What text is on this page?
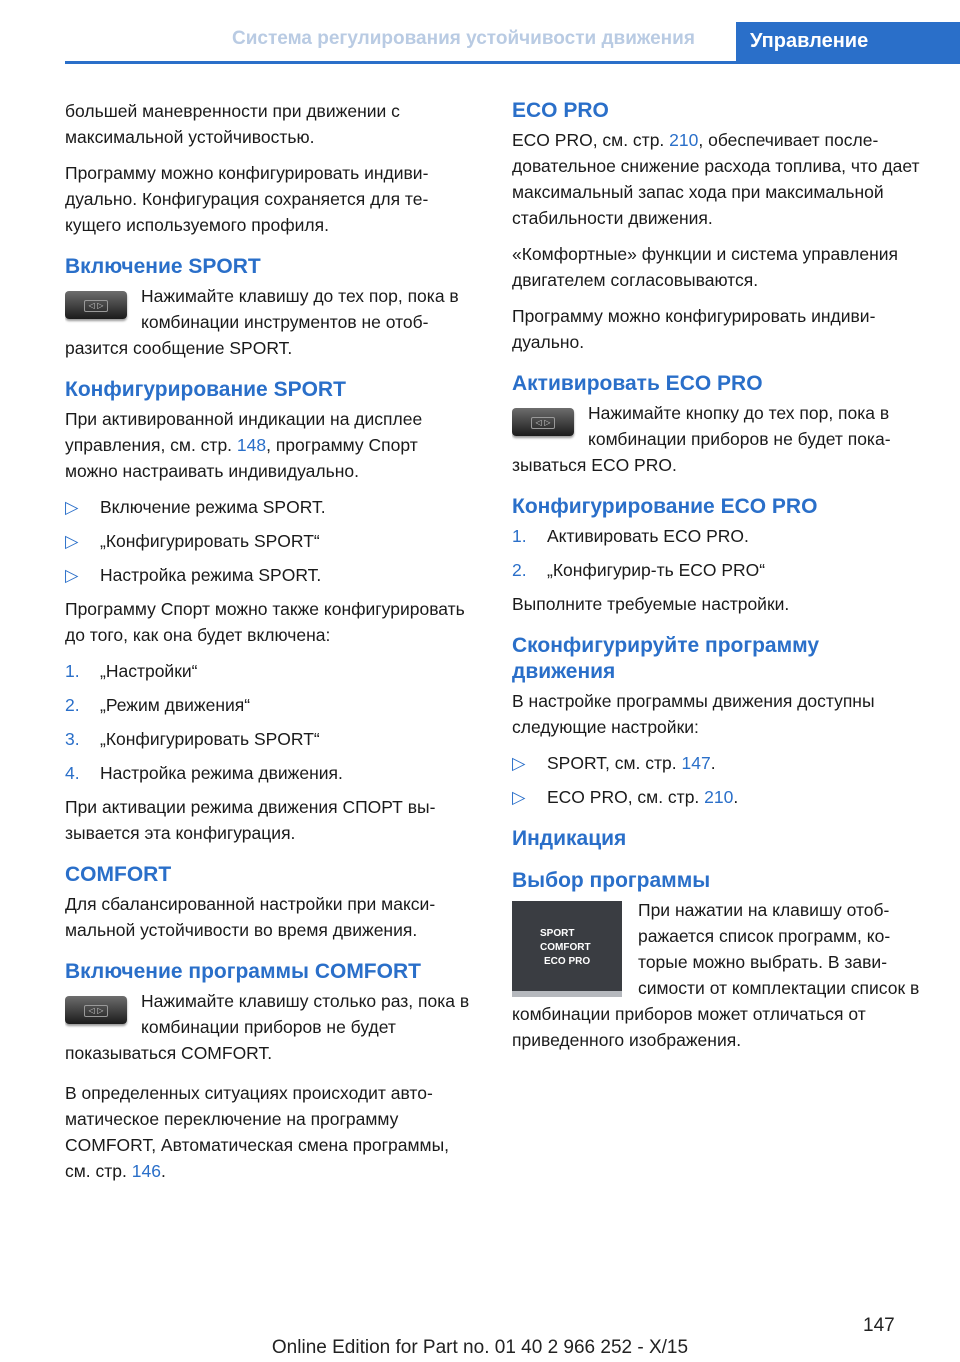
Система регулирования устойчивости движения	Управление

большей маневренности при движении с максимальной устойчивостью.

Программу можно конфигурировать индивидуально. Конфигурация сохраняется для текущего используемого профиля.

Включение SPORT
◁ ▷ Нажимайте клавишу до тех пор, пока в комбинации инструментов не отобразится сообщение SPORT.
Конфигурирование SPORT

При активированной индикации на дисплее управления, см. стр. 148, программу Спорт можно настраивать индивидуально.

▷ Включение режима SPORT.
▷ „Конфигурировать SPORT“
▷ Настройка режима SPORT.

Программу Спорт можно также конфигурировать до того, как она будет включена:

1. „Настройки“
2. „Режим движения“
3. „Конфигурировать SPORT“
4. Настройка режима движения.

При активации режима движения СПОРТ вызывается эта конфигурация.

COMFORT

Для сбалансированной настройки при максимальной устойчивости во время движения.

Включение программы COMFORT
◁ ▷ Нажимайте клавишу столько раз, пока в комбинации приборов не будет показываться COMFORT.

В определенных ситуациях происходит автоматическое переключение на программу COMFORT, Автоматическая смена программы, см. стр. 146.

ECO PRO

ECO PRO, см. стр. 210, обеспечивает последовательное снижение расхода топлива, что дает максимальный запас хода при максимальной стабильности движения.

«Комфортные» функции и система управления двигателем согласовываются.

Программу можно конфигурировать индивидуально.

Активировать ECO PRO
◁ ▷ Нажимайте кнопку до тех пор, пока в комбинации приборов не будет показываться ECO PRO.
Конфигурирование ECO PRO
1. Активировать ECO PRO.
2. „Конфигурир-ть ECO PRO“

Выполните требуемые настройки.

Сконфигурируйте программу движения

В настройке программы движения доступны следующие настройки:

▷ SPORT, см. стр. 147.
▷ ECO PRO, см. стр. 210.
Индикация
Выбор программы
SPORT
COMFORT
ECO PRO
При нажатии на клавишу отображается список программ, которые можно выбрать. В зависимости от комплектации список в комбинации приборов может отличаться от приведенного изображения.
147
Online Edition for Part no. 01 40 2 966 252 - X/15
